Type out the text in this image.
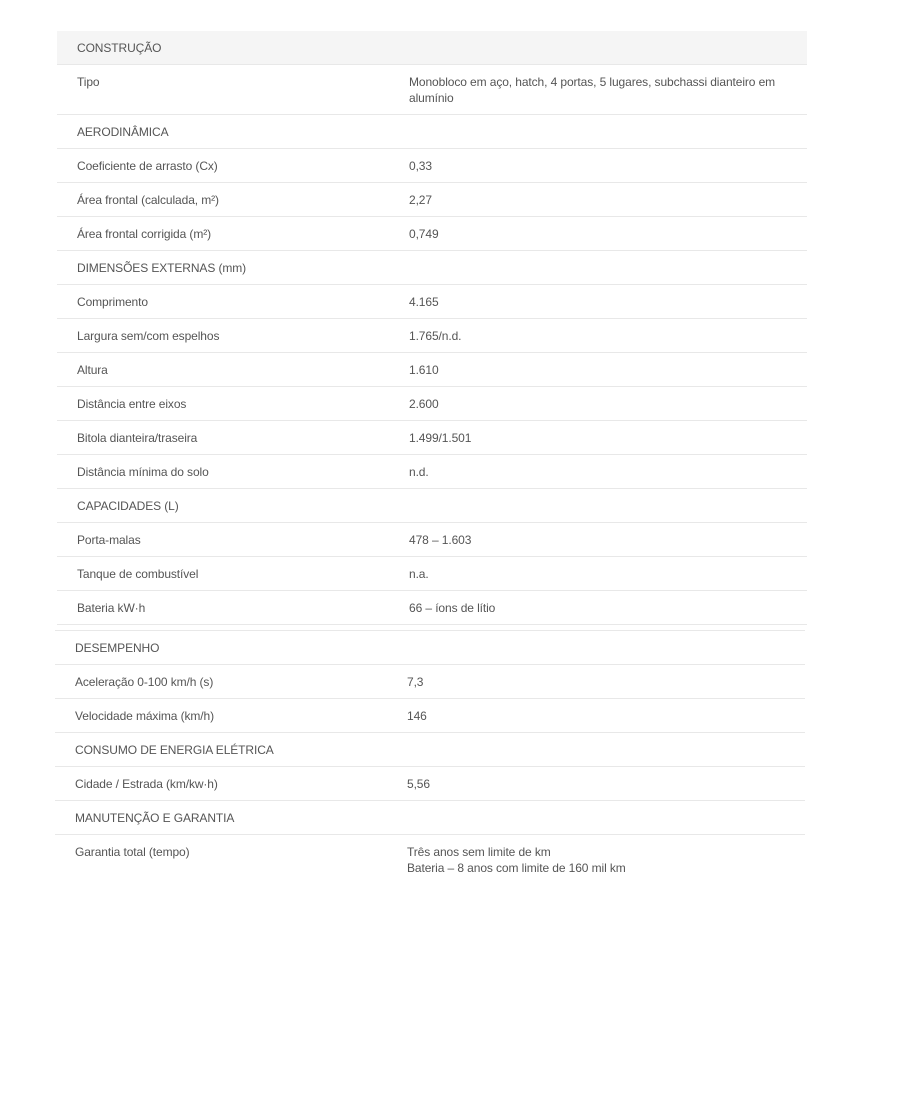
CONSTRUÇÃO	
Tipo	Monobloco em aço, hatch, 4 portas, 5 lugares, subchassi dianteiro em alumínio
AERODINÂMICA	
Coeficiente de arrasto (Cx)	0,33
Área frontal (calculada, m²)	2,27
Área frontal corrigida (m²)	0,749
DIMENSÕES EXTERNAS (mm)	
Comprimento	4.165
Largura sem/com espelhos	1.765/n.d.
Altura	1.610
Distância entre eixos	2.600
Bitola dianteira/traseira	1.499/1.501
Distância mínima do solo	n.d.
CAPACIDADES (L)	
Porta-malas	478 – 1.603
Tanque de combustível	n.a.
Bateria kW·h	66 – íons de lítio
DESEMPENHO	
Aceleração 0-100 km/h (s)	7,3
Velocidade máxima (km/h)	146
CONSUMO DE ENERGIA ELÉTRICA	
Cidade / Estrada (km/kw·h)	5,56
MANUTENÇÃO E GARANTIA	
Garantia total (tempo)	Três anos sem limite de km
Bateria – 8 anos com limite de 160 mil km
